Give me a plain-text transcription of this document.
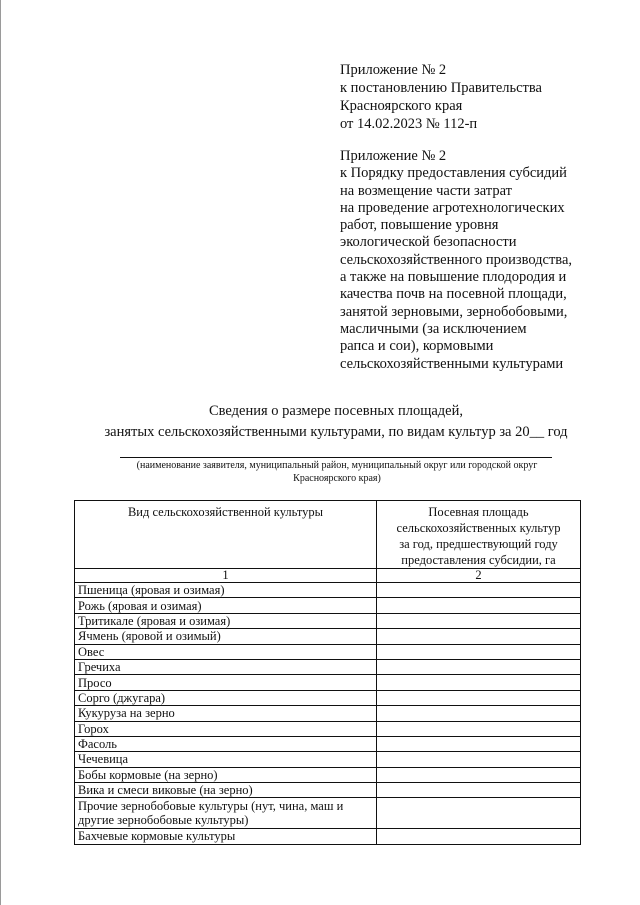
Приложение № 2
к постановлению Правительства
Красноярского края
от 14.02.2023 № 112-п
Приложение № 2
к Порядку предоставления субсидий
на возмещение части затрат
на проведение агротехнологических
работ, повышение уровня
экологической безопасности
сельскохозяйственного производства,
а также на повышение плодородия и
качества почв на посевной площади,
занятой зерновыми, зернобобовыми,
масличными (за исключением
рапса и сои), кормовыми
сельскохозяйственными культурами
Сведения о размере посевных площадей,
занятых сельскохозяйственными культурами, по видам культур за 20__ год
(наименование заявителя, муниципальный район, муниципальный округ или городской округ
Красноярского края)
Вид сельскохозяйственной культуры	Посевная площадь
сельскохозяйственных культур
за год, предшествующий году
предоставления субсидии, га
1	2
Пшеница (яровая и озимая)	
Рожь (яровая и озимая)	
Тритикале (яровая и озимая)	
Ячмень (яровой и озимый)	
Овес	
Гречиха	
Просо	
Сорго (джугара)	
Кукуруза на зерно	
Горох	
Фасоль	
Чечевица	
Бобы кормовые (на зерно)	
Вика и смеси виковые (на зерно)	
Прочие зернобобовые культуры (нут, чина, маш и
другие зернобобовые культуры)	
Бахчевые кормовые культуры	
